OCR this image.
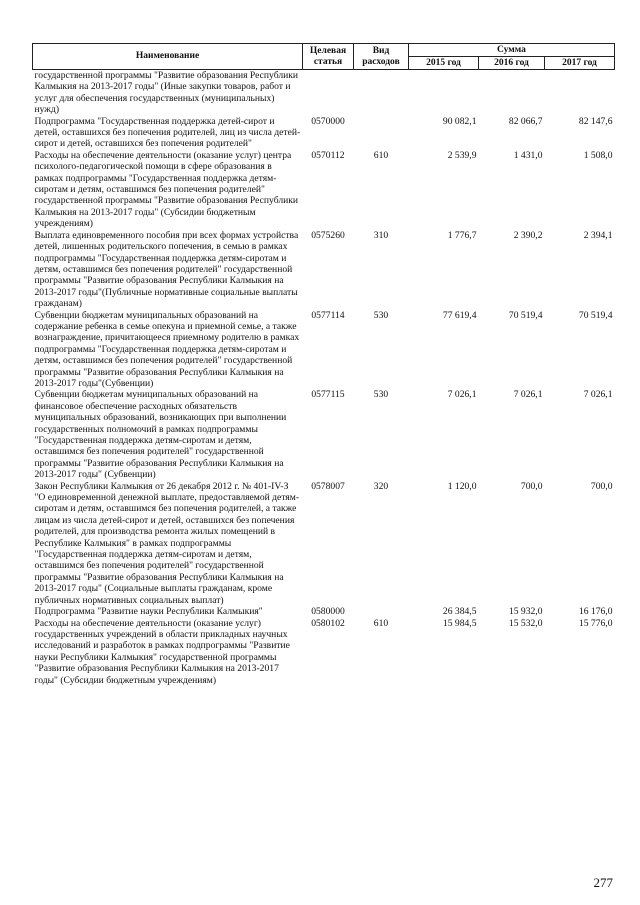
Наименование	Целевая статья	Вид расходов	Сумма		
			2015 год	2016 год	2017 год
государственной программы "Развитие образования Республики Калмыкия на 2013-2017 годы" (Иные закупки товаров, работ и услуг для обеспечения государственных (муниципальных) нужд)					
Подпрограмма "Государственная поддержка детей-сирот и детей, оставшихся без попечения родителей, лиц из числа детей-сирот и детей, оставшихся без попечения родителей"	0570000		90 082,1	82 066,7	82 147,6
Расходы на обеспечение деятельности (оказание услуг) центра психолого-педагогической помощи в сфере образования в рамках подпрограммы "Государственная поддержка детям-сиротам и детям, оставшимся без попечения родителей" государственной программы "Развитие образования Республики Калмыкия на 2013-2017 годы" (Субсидии бюджетным учреждениям)	0570112	610	2 539,9	1 431,0	1 508,0
Выплата единовременного пособия при всех формах устройства детей, лишенных родительского попечения, в семью в рамках подпрограммы "Государственная поддержка детям-сиротам и детям, оставшимся без попечения родителей" государственной программы "Развитие образования Республики Калмыкия на 2013-2017 годы"(Публичные нормативные социальные выплаты гражданам)	0575260	310	1 776,7	2 390,2	2 394,1
Субвенции бюджетам муниципальных образований на содержание ребенка в семье опекуна и приемной семье, а также вознаграждение, причитающееся приемному родителю в рамках подпрограммы "Государственная поддержка детям-сиротам и детям, оставшимся без попечения родителей" государственной программы "Развитие образования Республики Калмыкия на 2013-2017 годы"(Субвенции)	0577114	530	77 619,4	70 519,4	70 519,4
Субвенции бюджетам муниципальных образований на финансовое обеспечение расходных обязательств муниципальных образований, возникающих при выполнении государственных полномочий в рамках подпрограммы "Государственная поддержка детям-сиротам и детям, оставшимся без попечения родителей" государственной программы "Развитие образования Республики Калмыкия на 2013-2017 годы" (Субвенции)	0577115	530	7 026,1	7 026,1	7 026,1
Закон Республики Калмыкия от 26 декабря 2012 г. № 401-IV-З "О единовременной денежной выплате, предоставляемой детям-сиротам и детям, оставшимся без попечения родителей, а также лицам из числа детей-сирот и детей, оставшихся без попечения родителей, для производства ремонта жилых помещений в Республике Калмыкия" в рамках подпрограммы "Государственная поддержка детям-сиротам и детям, оставшимся без попечения родителей" государственной программы "Развитие образования Республики Калмыкия на 2013-2017 годы" (Социальные выплаты гражданам, кроме публичных нормативных социальных выплат)	0578007	320	1 120,0	700,0	700,0
Подпрограмма "Развитие науки Республики Калмыкия"	0580000		26 384,5	15 932,0	16 176,0
Расходы на обеспечение деятельности (оказание услуг) государственных учреждений в области прикладных научных исследований и разработок в рамках подпрограммы "Развитие науки Республики Калмыкия" государственной программы "Развитие образования Республики Калмыкия на 2013-2017 годы" (Субсидии бюджетным учреждениям)	0580102	610	15 984,5	15 532,0	15 776,0
277
